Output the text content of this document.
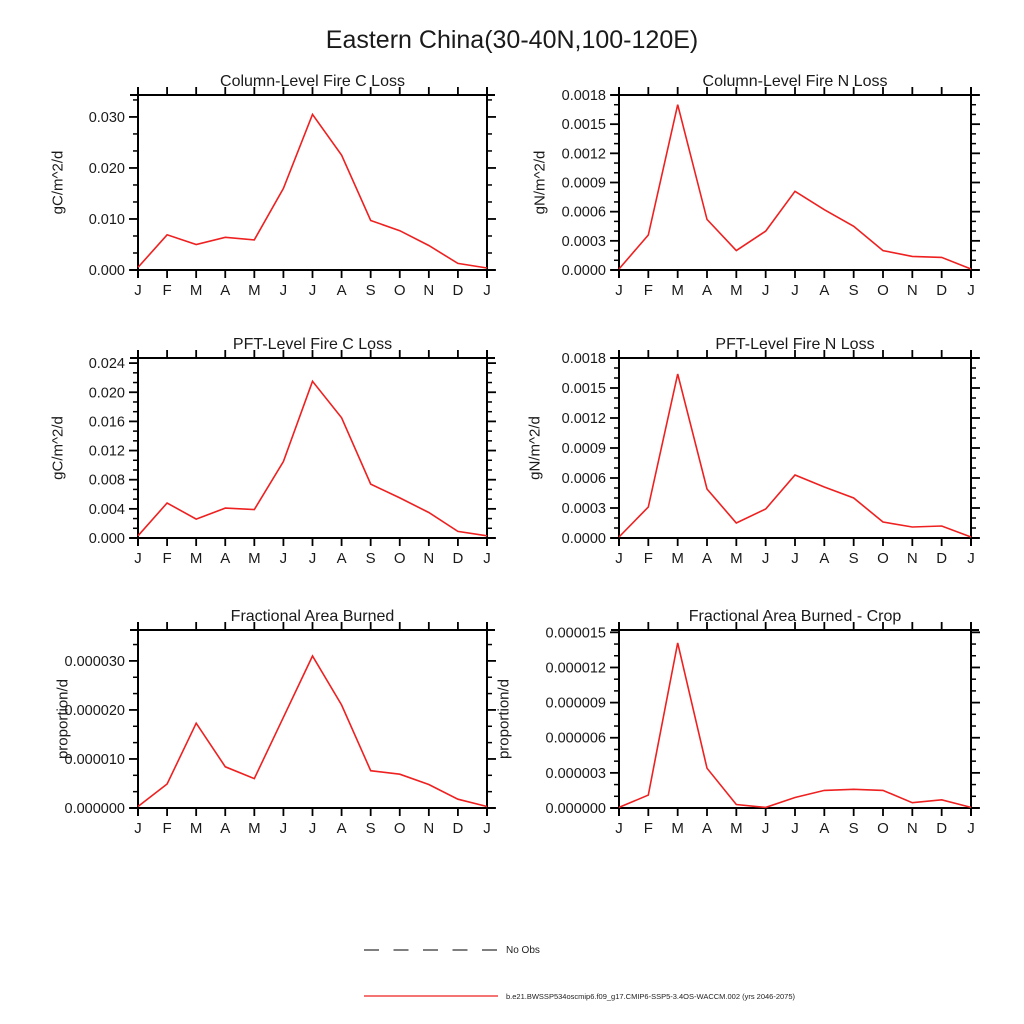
Eastern China(30-40N,100-120E)
J F M A M J J A S O N D J
0.000
0.010
0.020
0.030
Column-Level Fire C Loss
gC/m^2/d
J F M A M J J A S O N D J
0.0000
0.0003
0.0006
0.0009
0.0012
0.0015
0.0018
Column-Level Fire N Loss
gN/m^2/d
J F M A M J J A S O N D J
0.000
0.004
0.008
0.012
0.016
0.020
0.024
PFT-Level Fire C Loss
gC/m^2/d
J F M A M J J A S O N D J
0.0000
0.0003
0.0006
0.0009
0.0012
0.0015
0.0018
PFT-Level Fire N Loss
gN/m^2/d
J F M A M J J A S O N D J
0.000000
0.000010
0.000020
0.000030
Fractional Area Burned
proportion/d
J F M A M J J A S O N D J
0.000000
0.000003
0.000006
0.000009
0.000012
0.000015
Fractional Area Burned - Crop
proportion/d
No Obs
b.e21.BWSSP534oscmip6.f09_g17.CMIP6-SSP5-3.4OS-WACCM.002 (yrs 2046-2075)
